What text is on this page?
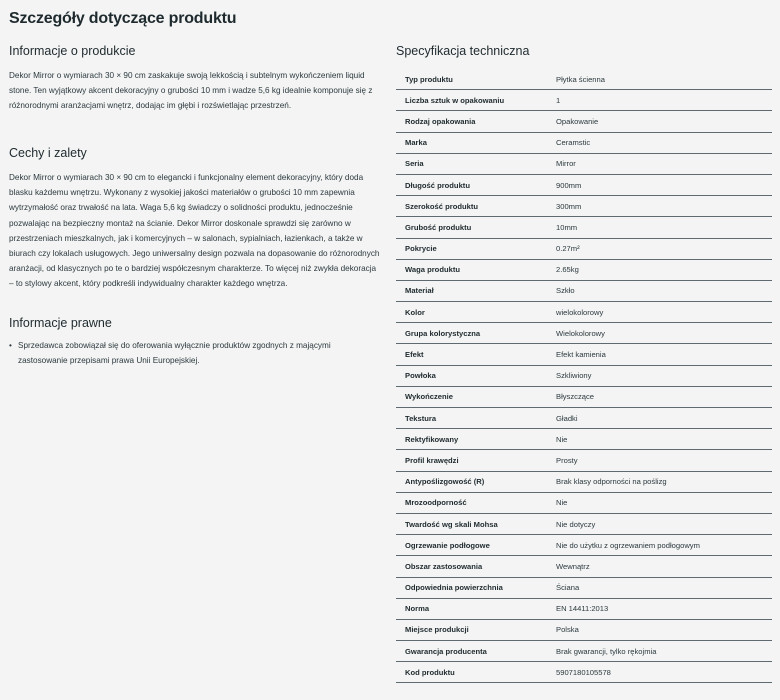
Szczegóły dotyczące produktu
Informacje o produkcie

Dekor Mirror o wymiarach 30 × 90 cm zaskakuje swoją lekkością i subtelnym wykończeniem liquid stone. Ten wyjątkowy akcent dekoracyjny o grubości 10 mm i wadze 5,6 kg idealnie komponuje się z różnorodnymi aranżacjami wnętrz, dodając im głębi i rozświetlając przestrzeń.

Cechy i zalety

Dekor Mirror o wymiarach 30 × 90 cm to elegancki i funkcjonalny element dekoracyjny, który doda blasku każdemu wnętrzu. Wykonany z wysokiej jakości materiałów o grubości 10 mm zapewnia wytrzymałość oraz trwałość na lata. Waga 5,6 kg świadczy o solidności produktu, jednocześnie pozwalając na bezpieczny montaż na ścianie. Dekor Mirror doskonale sprawdzi się zarówno w przestrzeniach mieszkalnych, jak i komercyjnych – w salonach, sypialniach, łazienkach, a także w biurach czy lokalach usługowych. Jego uniwersalny design pozwala na dopasowanie do różnorodnych aranżacji, od klasycznych po te o bardziej współczesnym charakterze. To więcej niż zwykła dekoracja – to stylowy akcent, który podkreśli indywidualny charakter każdego wnętrza.

Informacje prawne
• Sprzedawca zobowiązał się do oferowania wyłącznie produktów zgodnych z mającymi zastosowanie przepisami prawa Unii Europejskiej.
Specyfikacja techniczna
Typ produktu	Płytka ścienna
Liczba sztuk w opakowaniu	1
Rodzaj opakowania	Opakowanie
Marka	Ceramstic
Seria	Mirror
Długość produktu	900mm
Szerokość produktu	300mm
Grubość produktu	10mm
Pokrycie	0.27m²
Waga produktu	2.65kg
Materiał	Szkło
Kolor	wielokolorowy
Grupa kolorystyczna	Wielokolorowy
Efekt	Efekt kamienia
Powłoka	Szkliwiony
Wykończenie	Błyszczące
Tekstura	Gładki
Rektyfikowany	Nie
Profil krawędzi	Prosty
Antypoślizgowość (R)	Brak klasy odporności na poślizg
Mrozoodporność	Nie
Twardość wg skali Mohsa	Nie dotyczy
Ogrzewanie podłogowe	Nie do użytku z ogrzewaniem podłogowym
Obszar zastosowania	Wewnątrz
Odpowiednia powierzchnia	Ściana
Norma	EN 14411:2013
Miejsce produkcji	Polska
Gwarancja producenta	Brak gwarancji, tylko rękojmia
Kod produktu	5907180105578
